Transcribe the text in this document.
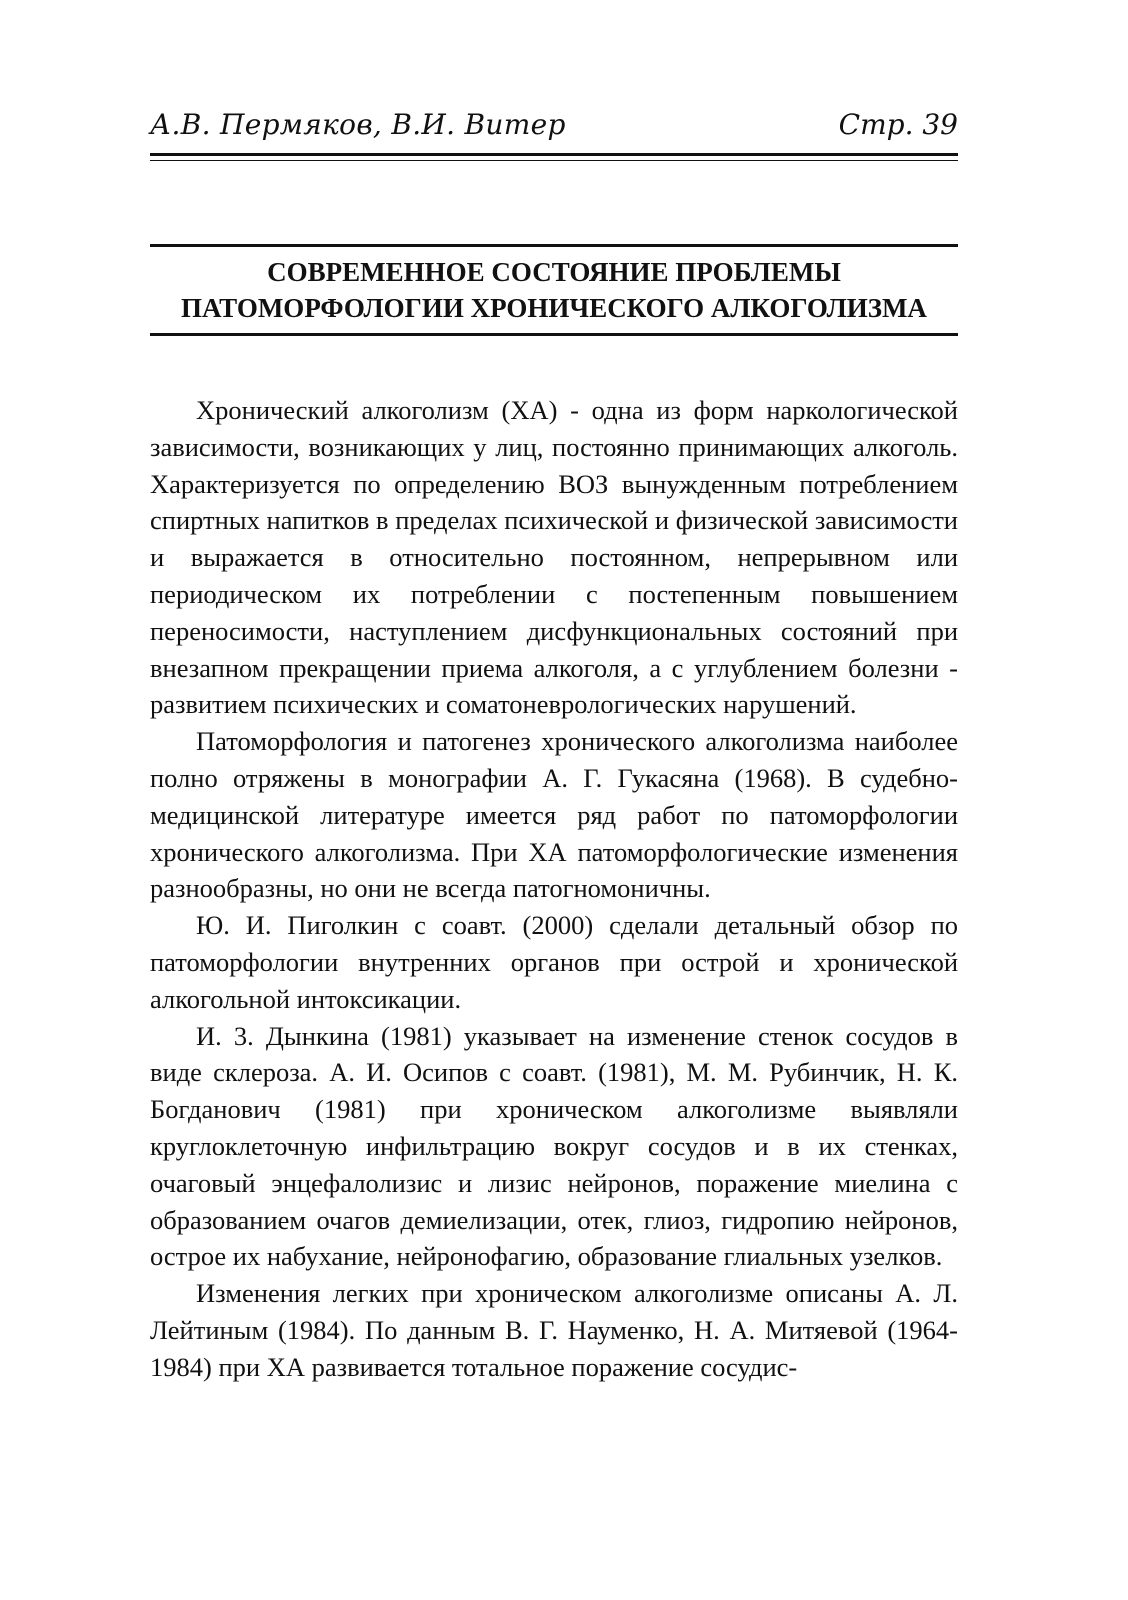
А.В. Пермяков, В.И. Витер	Стр. 39
СОВРЕМЕННОЕ СОСТОЯНИЕ ПРОБЛЕМЫ
ПАТОМОРФОЛОГИИ ХРОНИЧЕСКОГО АЛКОГОЛИЗМА

Хронический алкоголизм (ХА) - одна из форм наркологической зависимости, возникающих у лиц, постоянно принимающих алкоголь. Характеризуется по определению ВОЗ вынужденным потреблением спиртных напитков в пределах психической и физической зависимости и выражается в относительно постоянном, непрерывном или периодическом их потреблении с постепенным повышением переносимости, наступлением дисфункциональных состояний при внезапном прекращении приема алкоголя, а с углублением болезни - развитием психических и соматоневрологических нарушений.

Патоморфология и патогенез хронического алкоголизма наиболее полно отряжены в монографии А. Г. Гукасяна (1968). В судебно-медицинской литературе имеется ряд работ по патоморфологии хронического алкоголизма. При ХА патоморфологические изменения разнообразны, но они не всегда патогномоничны.

Ю. И. Пиголкин с соавт. (2000) сделали детальный обзор по патоморфологии внутренних органов при острой и хронической алкогольной интоксикации.

И. 3. Дынкина (1981) указывает на изменение стенок сосудов в виде склероза. А. И. Осипов с соавт. (1981), М. М. Рубинчик, Н. К. Богданович (1981) при хроническом алкоголизме выявляли круглоклеточную инфильтрацию вокруг сосудов и в их стенках, очаговый энцефалолизис и лизис нейронов, поражение миелина с образованием очагов демиелизации, отек, глиоз, гидропию нейронов, острое их набухание, нейронофагию, образование глиальных узелков.

Изменения легких при хроническом алкоголизме описаны А. Л. Лейтиным (1984). По данным В. Г. Науменко, Н. А. Митяевой (1964-1984) при ХА развивается тотальное поражение сосудис-
